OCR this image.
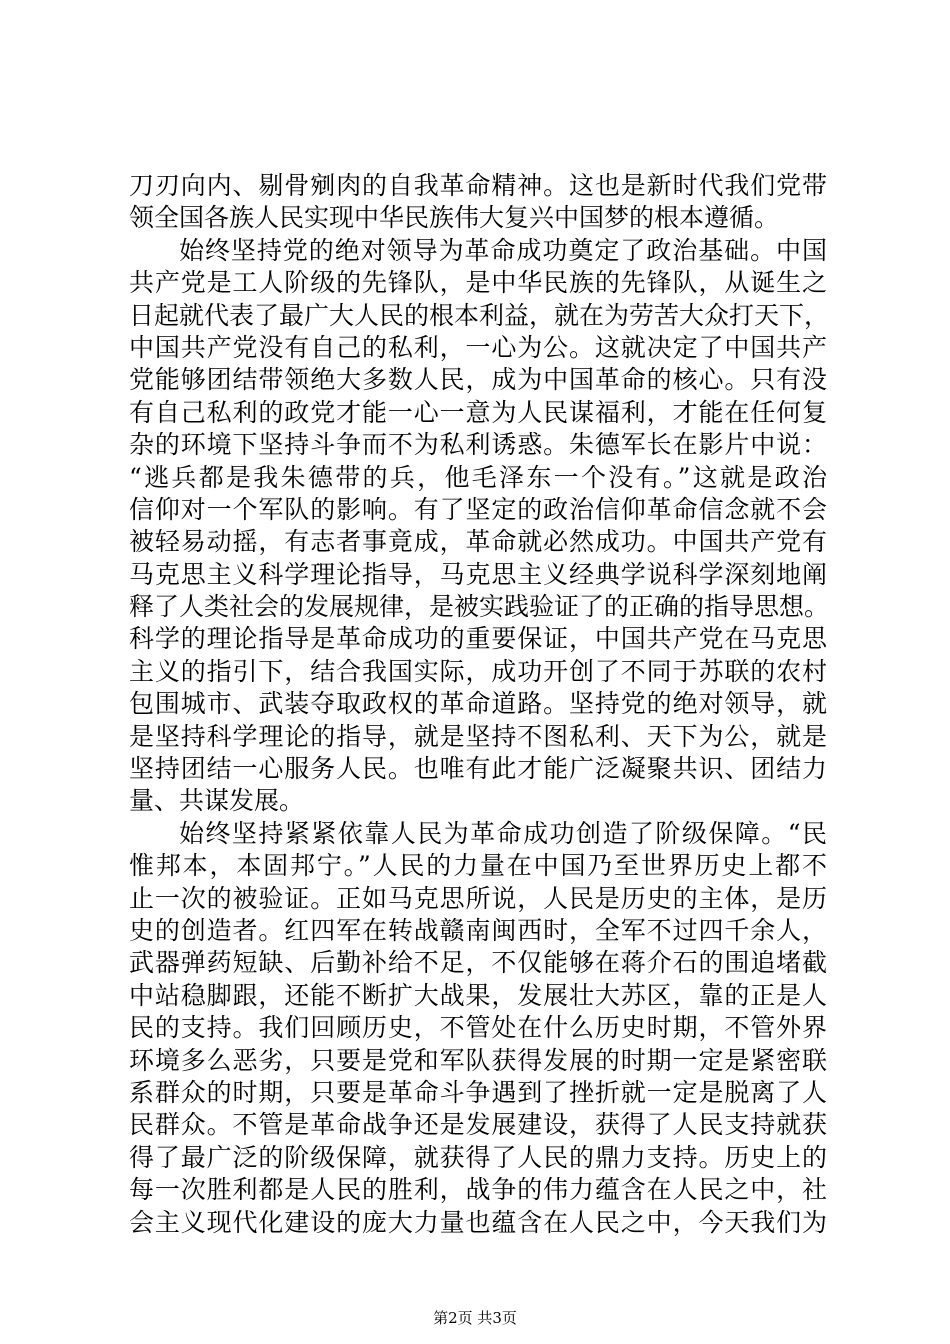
刀刃向内、剔骨剜肉的自我革命精神。这也是新时代我们党带
领全国各族人民实现中华民族伟大复兴中国梦的根本遵循。
始终坚持党的绝对领导为革命成功奠定了政治基础。中国
共产党是工人阶级的先锋队，是中华民族的先锋队，从诞生之
日起就代表了最广大人民的根本利益，就在为劳苦大众打天下，
中国共产党没有自己的私利，一心为公。这就决定了中国共产
党能够团结带领绝大多数人民，成为中国革命的核心。只有没
有自己私利的政党才能一心一意为人民谋福利，才能在任何复
杂的环境下坚持斗争而不为私利诱惑。朱德军长在影片中说：
“逃兵都是我朱德带的兵，他毛泽东一个没有。”这就是政治
信仰对一个军队的影响。有了坚定的政治信仰革命信念就不会
被轻易动摇，有志者事竟成，革命就必然成功。中国共产党有
马克思主义科学理论指导，马克思主义经典学说科学深刻地阐
释了人类社会的发展规律，是被实践验证了的正确的指导思想。
科学的理论指导是革命成功的重要保证，中国共产党在马克思
主义的指引下，结合我国实际，成功开创了不同于苏联的农村
包围城市、武装夺取政权的革命道路。坚持党的绝对领导，就
是坚持科学理论的指导，就是坚持不图私利、天下为公，就是
坚持团结一心服务人民。也唯有此才能广泛凝聚共识、团结力
量、共谋发展。
始终坚持紧紧依靠人民为革命成功创造了阶级保障。“民
惟邦本，本固邦宁。”人民的力量在中国乃至世界历史上都不
止一次的被验证。正如马克思所说，人民是历史的主体，是历
史的创造者。红四军在转战赣南闽西时，全军不过四千余人，
武器弹药短缺、后勤补给不足，不仅能够在蒋介石的围追堵截
中站稳脚跟，还能不断扩大战果，发展壮大苏区，靠的正是人
民的支持。我们回顾历史，不管处在什么历史时期，不管外界
环境多么恶劣，只要是党和军队获得发展的时期一定是紧密联
系群众的时期，只要是革命斗争遇到了挫折就一定是脱离了人
民群众。不管是革命战争还是发展建设，获得了人民支持就获
得了最广泛的阶级保障，就获得了人民的鼎力支持。历史上的
每一次胜利都是人民的胜利，战争的伟力蕴含在人民之中，社
会主义现代化建设的庞大力量也蕴含在人民之中，今天我们为
第2页 共3页
